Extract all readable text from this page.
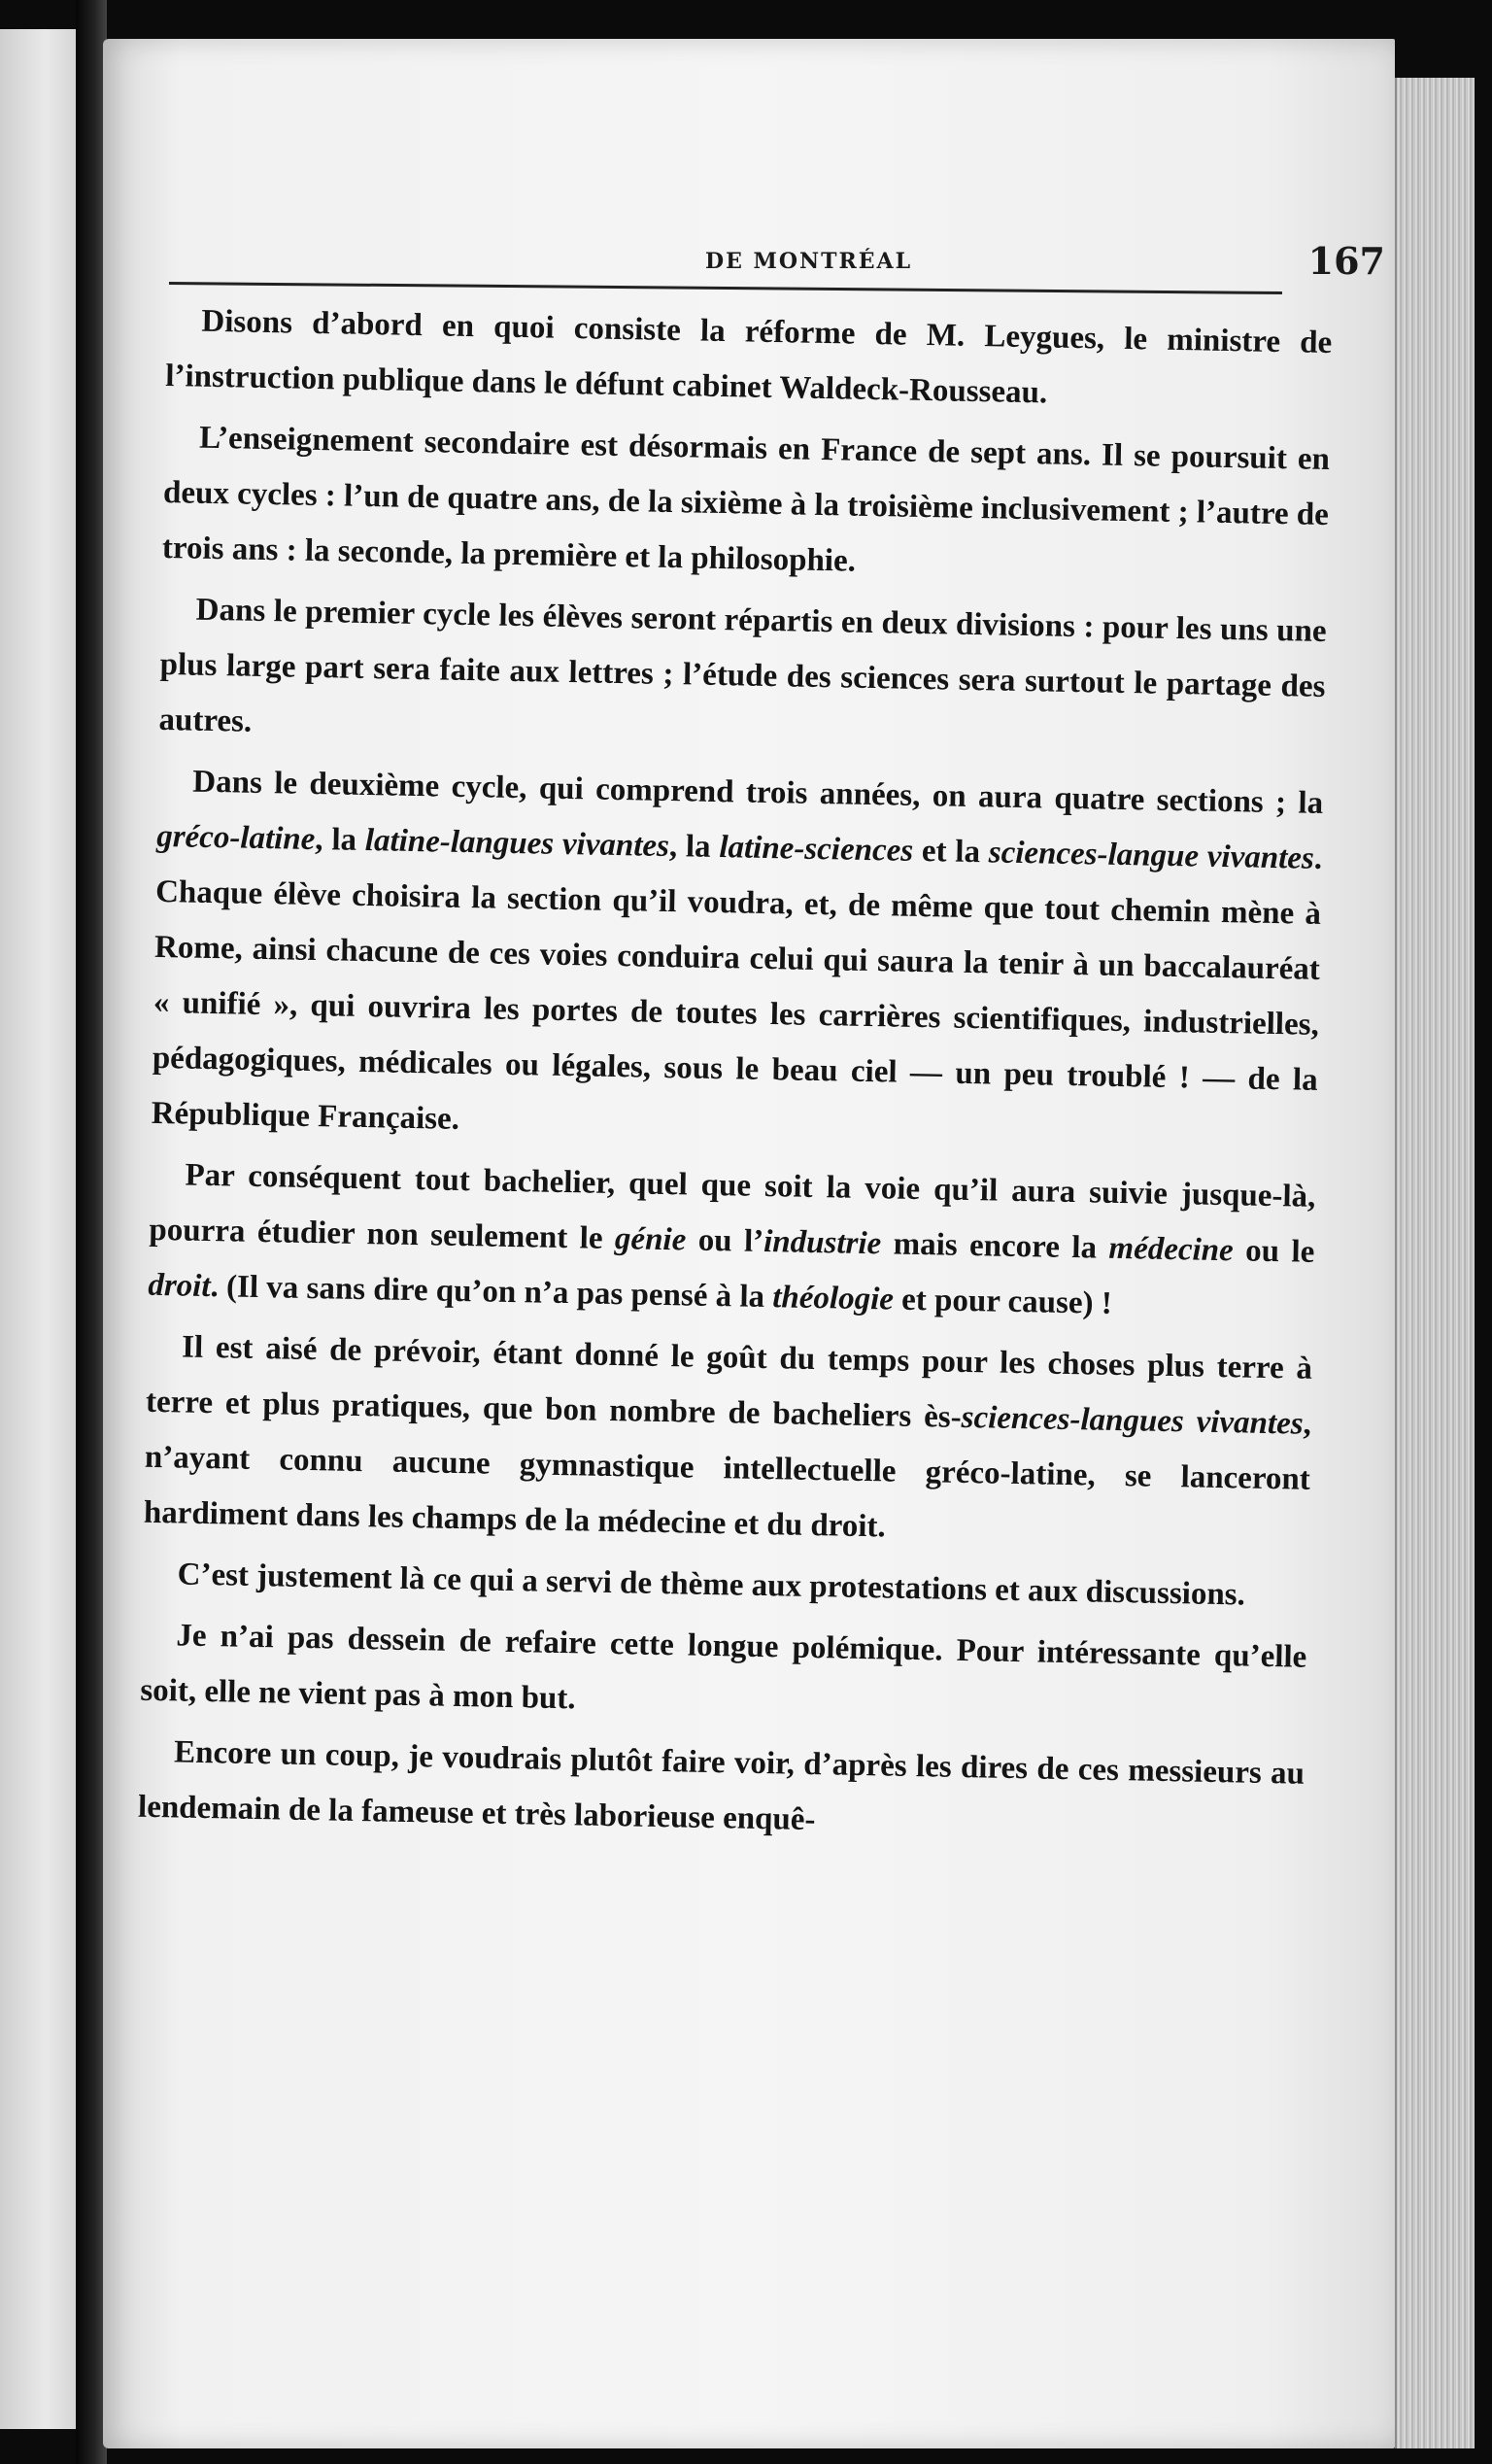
DE MONTRÉAL	167

Disons d’abord en quoi consiste la réforme de M. Leygues, le ministre de l’instruction publique dans le défunt cabinet Waldeck-Rousseau.

L’enseignement secondaire est désormais en France de sept ans. Il se poursuit en deux cycles : l’un de quatre ans, de la sixième à la troisième inclusivement ; l’autre de trois ans : la seconde, la première et la philosophie.

Dans le premier cycle les élèves seront répartis en deux divisions : pour les uns une plus large part sera faite aux lettres ; l’étude des sciences sera surtout le partage des autres.

Dans le deuxième cycle, qui comprend trois années, on aura quatre sections ; la gréco-latine, la latine-langues vivantes, la latine-sciences et la sciences-langue vivantes. Chaque élève choisira la section qu’il voudra, et, de même que tout chemin mène à Rome, ainsi chacune de ces voies conduira celui qui saura la tenir à un baccalauréat « unifié », qui ouvrira les portes de toutes les carrières scientifiques, industrielles, pédagogiques, médicales ou légales, sous le beau ciel — un peu troublé ! — de la République Française.

Par conséquent tout bachelier, quel que soit la voie qu’il aura suivie jusque-là, pourra étudier non seulement le génie ou l’industrie mais encore la médecine ou le droit. (Il va sans dire qu’on n’a pas pensé à la théologie et pour cause) !

Il est aisé de prévoir, étant donné le goût du temps pour les choses plus terre à terre et plus pratiques, que bon nombre de bacheliers ès-sciences-langues vivantes, n’ayant connu aucune gymnastique intellectuelle gréco-latine, se lanceront hardiment dans les champs de la médecine et du droit.

C’est justement là ce qui a servi de thème aux protestations et aux discussions.

Je n’ai pas dessein de refaire cette longue polémique. Pour intéressante qu’elle soit, elle ne vient pas à mon but.

Encore un coup, je voudrais plutôt faire voir, d’après les dires de ces messieurs au lendemain de la fameuse et très laborieuse enquê-
